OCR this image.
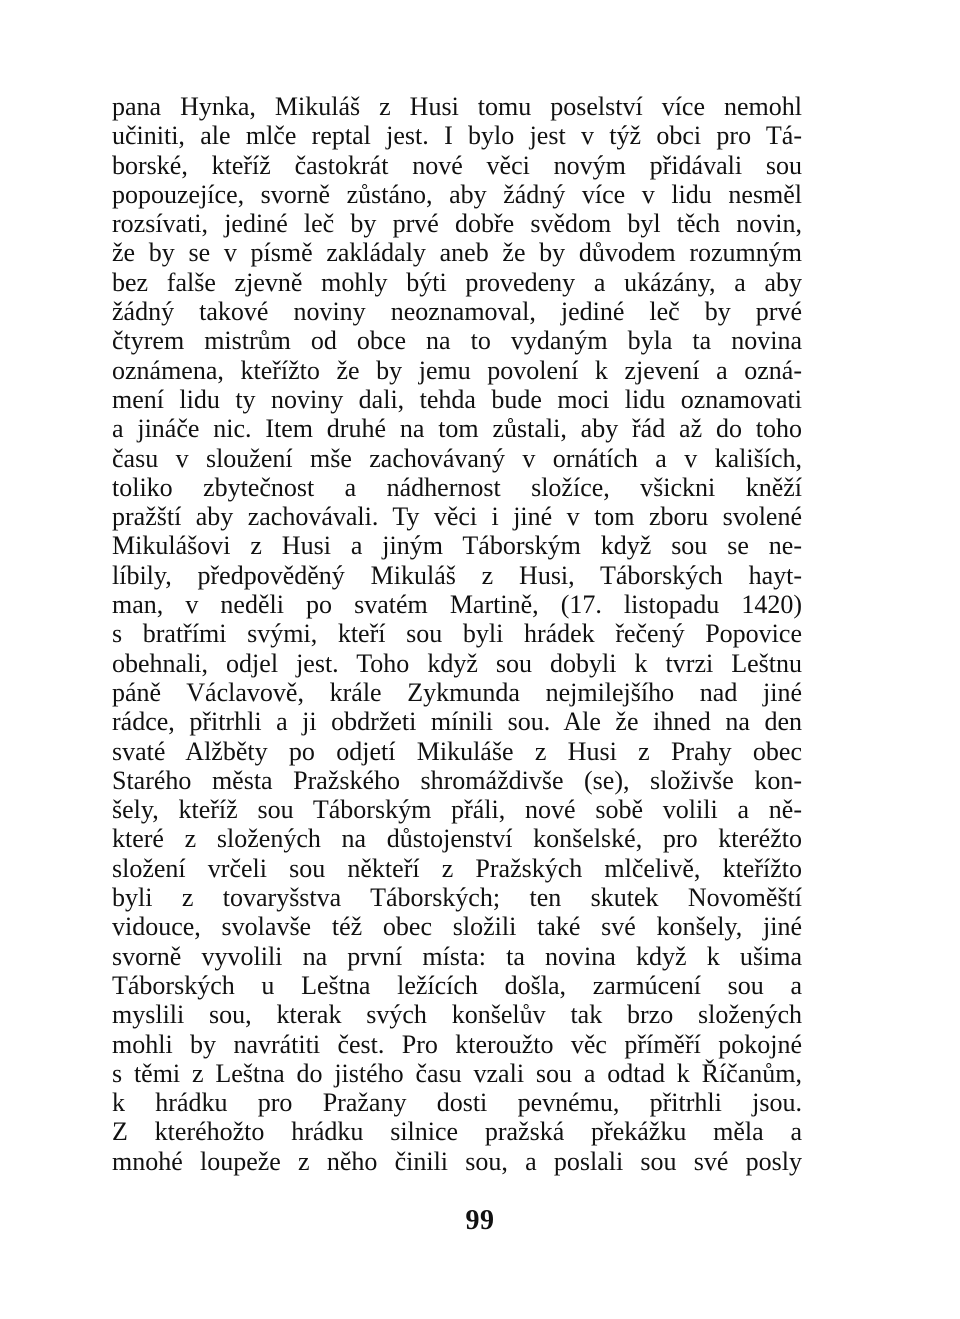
pana Hynka, Mikuláš z Husi tomu poselství více nemohl
učiniti, ale mlče reptal jest. I bylo jest v týž obci pro Tá-
borské, kteříž častokrát nové věci novým přidávali sou
popouzejíce, svorně zůstáno, aby žádný více v lidu nesměl
rozsívati, jediné leč by prvé dobře svědom byl těch novin,
že by se v písmě zakládaly aneb že by důvodem rozumným
bez falše zjevně mohly býti provedeny a ukázány, a aby
žádný takové noviny neoznamoval, jediné leč by prvé
čtyrem mistrům od obce na to vydaným byla ta novina
oznámena, kteřížto že by jemu povolení k zjevení a ozná-
mení lidu ty noviny dali, tehda bude moci lidu oznamovati
a jináče nic. Item druhé na tom zůstali, aby řád až do toho
času v sloužení mše zachovávaný v ornátích a v kališích,
toliko zbytečnost a nádhernost složíce, všickni kněží
pražští aby zachovávali. Ty věci i jiné v tom zboru svolené
Mikulášovi z Husi a jiným Táborským když sou se ne-
líbily, předpověděný Mikuláš z Husi, Táborských hayt-
man, v neděli po svatém Martině, (17. listopadu 1420)
s bratřími svými, kteří sou byli hrádek řečený Popovice
obehnali, odjel jest. Toho když sou dobyli k tvrzi Leštnu
páně Václavově, krále Zykmunda nejmilejšího nad jiné
rádce, přitrhli a ji obdržeti mínili sou. Ale že ihned na den
svaté Alžběty po odjetí Mikuláše z Husi z Prahy obec
Starého města Pražského shromáždivše (se), složivše kon-
šely, kteříž sou Táborským přáli, nové sobě volili a ně-
které z složených na důstojenství konšelské, pro kteréžto
složení vrčeli sou někteří z Pražských mlčelivě, kteřížto
byli z tovaryšstva Táborských; ten skutek Novoměští
vidouce, svolavše též obec složili také své konšely, jiné
svorně vyvolili na první místa: ta novina když k ušima
Táborských u Leštna ležících došla, zarmúcení sou a
myslili sou, kterak svých konšelův tak brzo složených
mohli by navrátiti čest. Pro kteroužto věc příměří pokojné
s těmi z Leštna do jistého času vzali sou a odtad k Říčanům,
k hrádku pro Pražany dosti pevnému, přitrhli jsou.
Z kteréhožto hrádku silnice pražská překážku měla a
mnohé loupeže z něho činili sou, a poslali sou své posly
99
